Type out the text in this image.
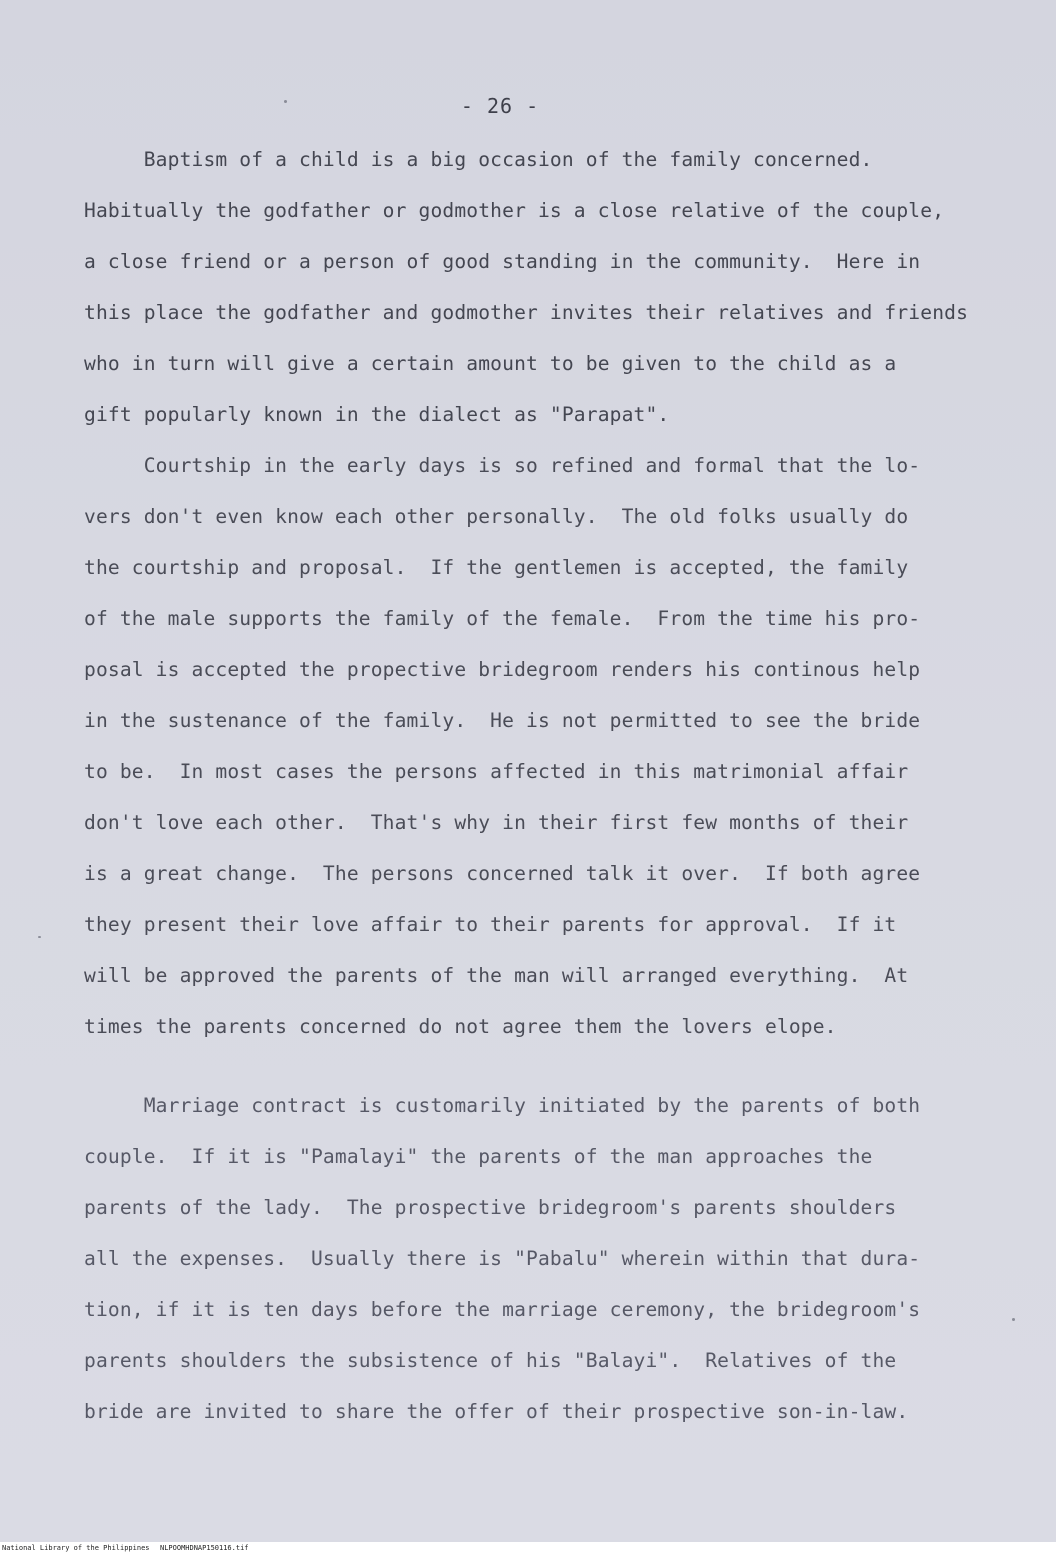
- 26 -
Baptism of a child is a big occasion of the family concerned.
Habitually the godfather or godmother is a close relative of the couple,
a close friend or a person of good standing in the community.  Here in
this place the godfather and godmother invites their relatives and friends
who in turn will give a certain amount to be given to the child as a
gift popularly known in the dialect as "Parapat".
Courtship in the early days is so refined and formal that the lo-
vers don't even know each other personally.  The old folks usually do
the courtship and proposal.  If the gentlemen is accepted, the family
of the male supports the family of the female.  From the time his pro-
posal is accepted the propective bridegroom renders his continous help
in the sustenance of the family.  He is not permitted to see the bride
to be.  In most cases the persons affected in this matrimonial affair
don't love each other.  That's why in their first few months of their
is a great change.  The persons concerned talk it over.  If both agree
they present their love affair to their parents for approval.  If it
will be approved the parents of the man will arranged everything.  At
times the parents concerned do not agree them the lovers elope.
Marriage contract is customarily initiated by the parents of both
couple.  If it is "Pamalayi" the parents of the man approaches the
parents of the lady.  The prospective bridegroom's parents shoulders
all the expenses.  Usually there is "Pabalu" wherein within that dura-
tion, if it is ten days before the marriage ceremony, the bridegroom's
parents shoulders the subsistence of his "Balayi".  Relatives of the
bride are invited to share the offer of their prospective son-in-law.
National Library of the Philippines NLPOOMHDNAP150116.tif
